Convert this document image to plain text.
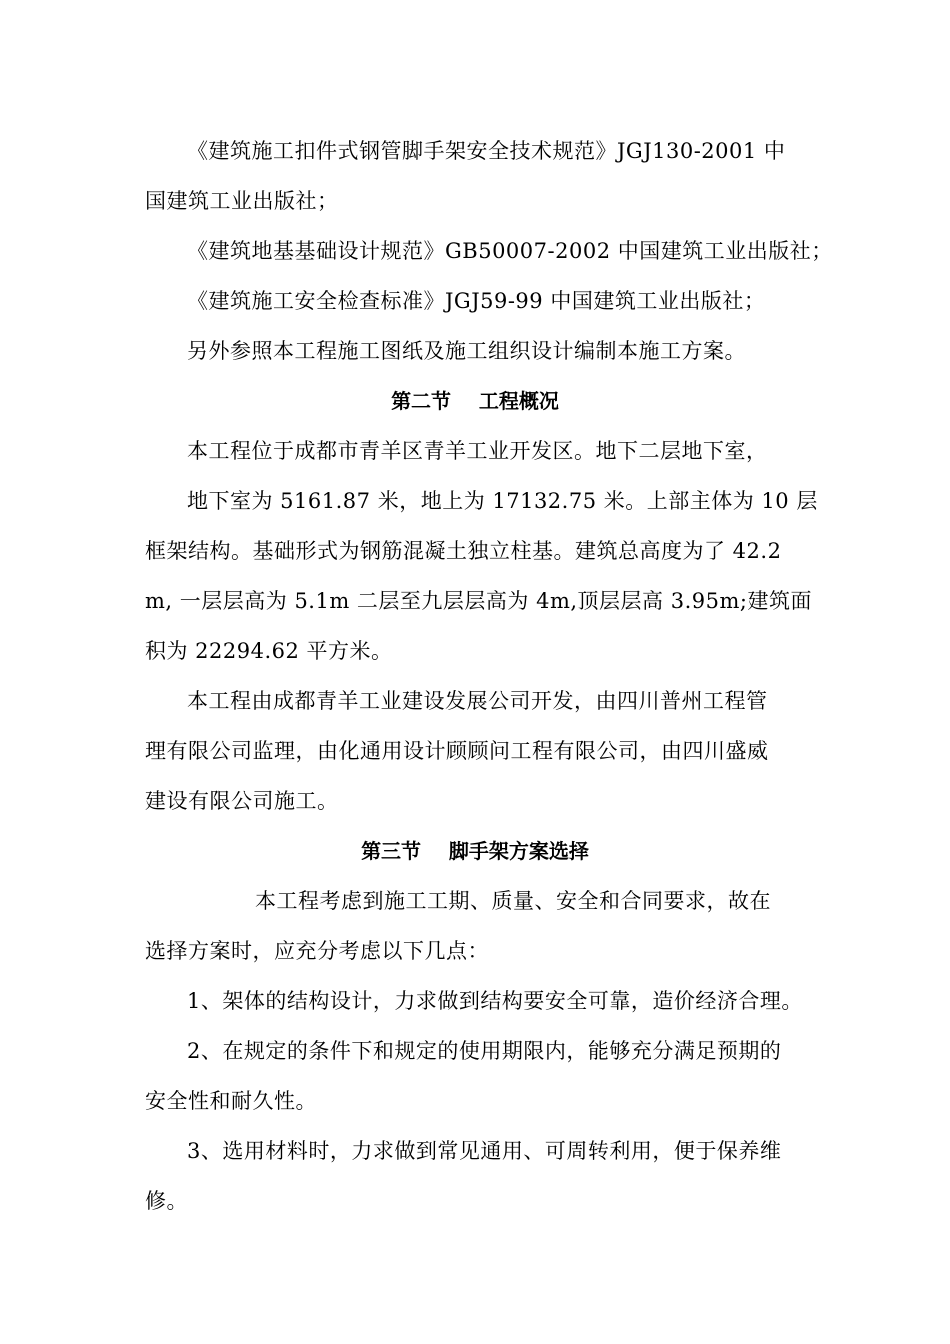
《建筑施工扣件式钢管脚手架安全技术规范》JGJ130-2001 中
国建筑工业出版社；
《建筑地基基础设计规范》GB50007-2002 中国建筑工业出版社；
《建筑施工安全检查标准》JGJ59-99 中国建筑工业出版社；
另外参照本工程施工图纸及施工组织设计编制本施工方案。
第二节    工程概况
本工程位于成都市青羊区青羊工业开发区。地下二层地下室，
地下室为 5161.87 米，地上为 17132.75 米。上部主体为 10 层
框架结构。基础形式为钢筋混凝土独立柱基。建筑总高度为了 42.2
m, 一层层高为 5.1m 二层至九层层高为 4m,顶层层高 3.95m;建筑面
积为 22294.62 平方米。
本工程由成都青羊工业建设发展公司开发，由四川普州工程管
理有限公司监理，由化通用设计顾顾问工程有限公司，由四川盛威
建设有限公司施工。
第三节    脚手架方案选择
本工程考虑到施工工期、质量、安全和合同要求，故在
选择方案时，应充分考虑以下几点：
1、架体的结构设计，力求做到结构要安全可靠，造价经济合理。
2、在规定的条件下和规定的使用期限内，能够充分满足预期的
安全性和耐久性。
3、选用材料时，力求做到常见通用、可周转利用，便于保养维
修。
